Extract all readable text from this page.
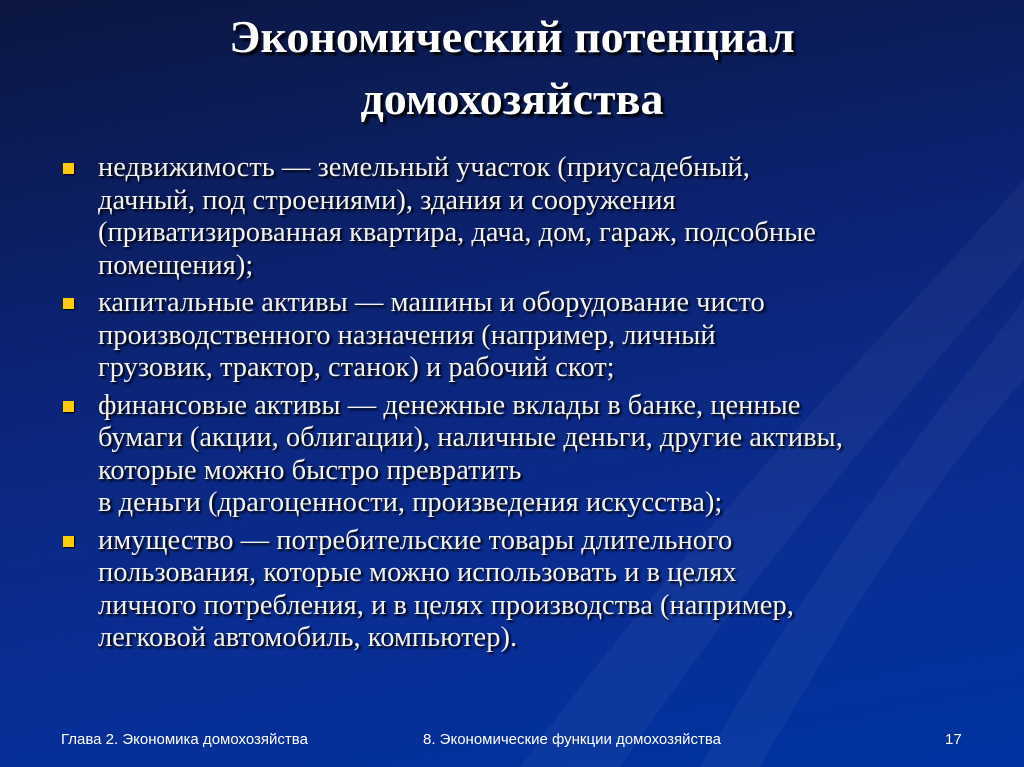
Экономический потенциал
домохозяйства
недвижимость — земельный участок (приусадебный,
дачный, под строениями), здания и сооружения
(приватизированная квартира, дача, дом, гараж, подсобные
помещения);
капитальные активы — машины и оборудование чисто
производственного назначения (например, личный
грузовик, трактор, станок) и рабочий скот;
финансовые активы — денежные вклады в банке, ценные
бумаги (акции, облигации), наличные деньги, другие активы,
которые можно быстро превратить
в деньги (драгоценности, произведения искусства);
имущество — потребительские товары длительного
пользования, которые можно использовать и в целях
личного потребления, и в целях производства (например,
легковой автомобиль, компьютер).
Глава 2. Экономика домохозяйства	8. Экономические функции домохозяйства	17
